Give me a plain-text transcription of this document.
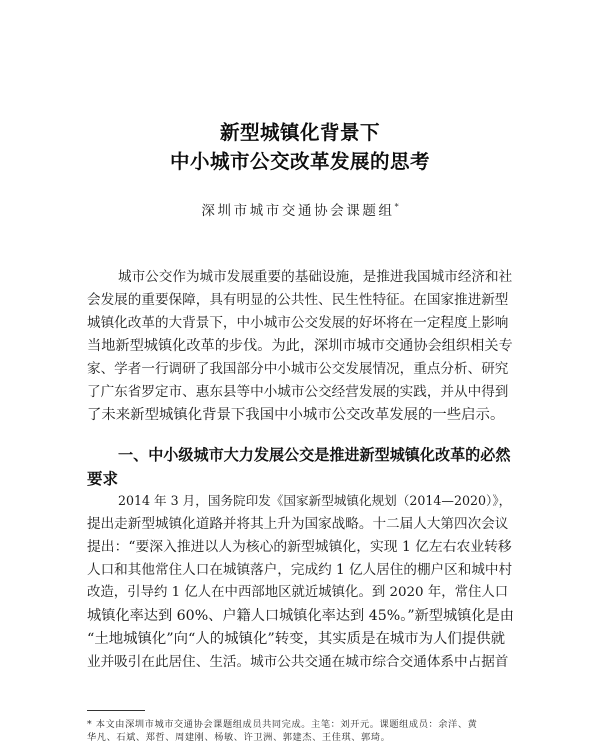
新型城镇化背景下
中小城市公交改革发展的思考
深圳市城市交通协会课题组*
城市公交作为城市发展重要的基础设施，是推进我国城市经济和社
会发展的重要保障，具有明显的公共性、民生性特征。在国家推进新型
城镇化改革的大背景下，中小城市公交发展的好坏将在一定程度上影响
当地新型城镇化改革的步伐。为此，深圳市城市交通协会组织相关专
家、学者一行调研了我国部分中小城市公交发展情况，重点分析、研究
了广东省罗定市、惠东县等中小城市公交经营发展的实践，并从中得到
了未来新型城镇化背景下我国中小城市公交改革发展的一些启示。
一、中小级城市大力发展公交是推进新型城镇化改革的必然
要求
2014 年 3 月，国务院印发《国家新型城镇化规划（2014—2020）》，
提出走新型城镇化道路并将其上升为国家战略。十二届人大第四次会议
提出：“要深入推进以人为核心的新型城镇化，实现 1 亿左右农业转移
人口和其他常住人口在城镇落户，完成约 1 亿人居住的棚户区和城中村
改造，引导约 1 亿人在中西部地区就近城镇化。到 2020 年，常住人口
城镇化率达到 60%、户籍人口城镇化率达到 45%。”新型城镇化是由
“土地城镇化”向“人的城镇化”转变，其实质是在城市为人们提供就
业并吸引在此居住、生活。城市公共交通在城市综合交通体系中占据首
* 本文由深圳市城市交通协会课题组成员共同完成。主笔：刘开元。课题组成员：余洋、黄
华凡、石斌、郑哲、周建刚、杨敏、许卫洲、郭建杰、王佳琪、郭琦。
